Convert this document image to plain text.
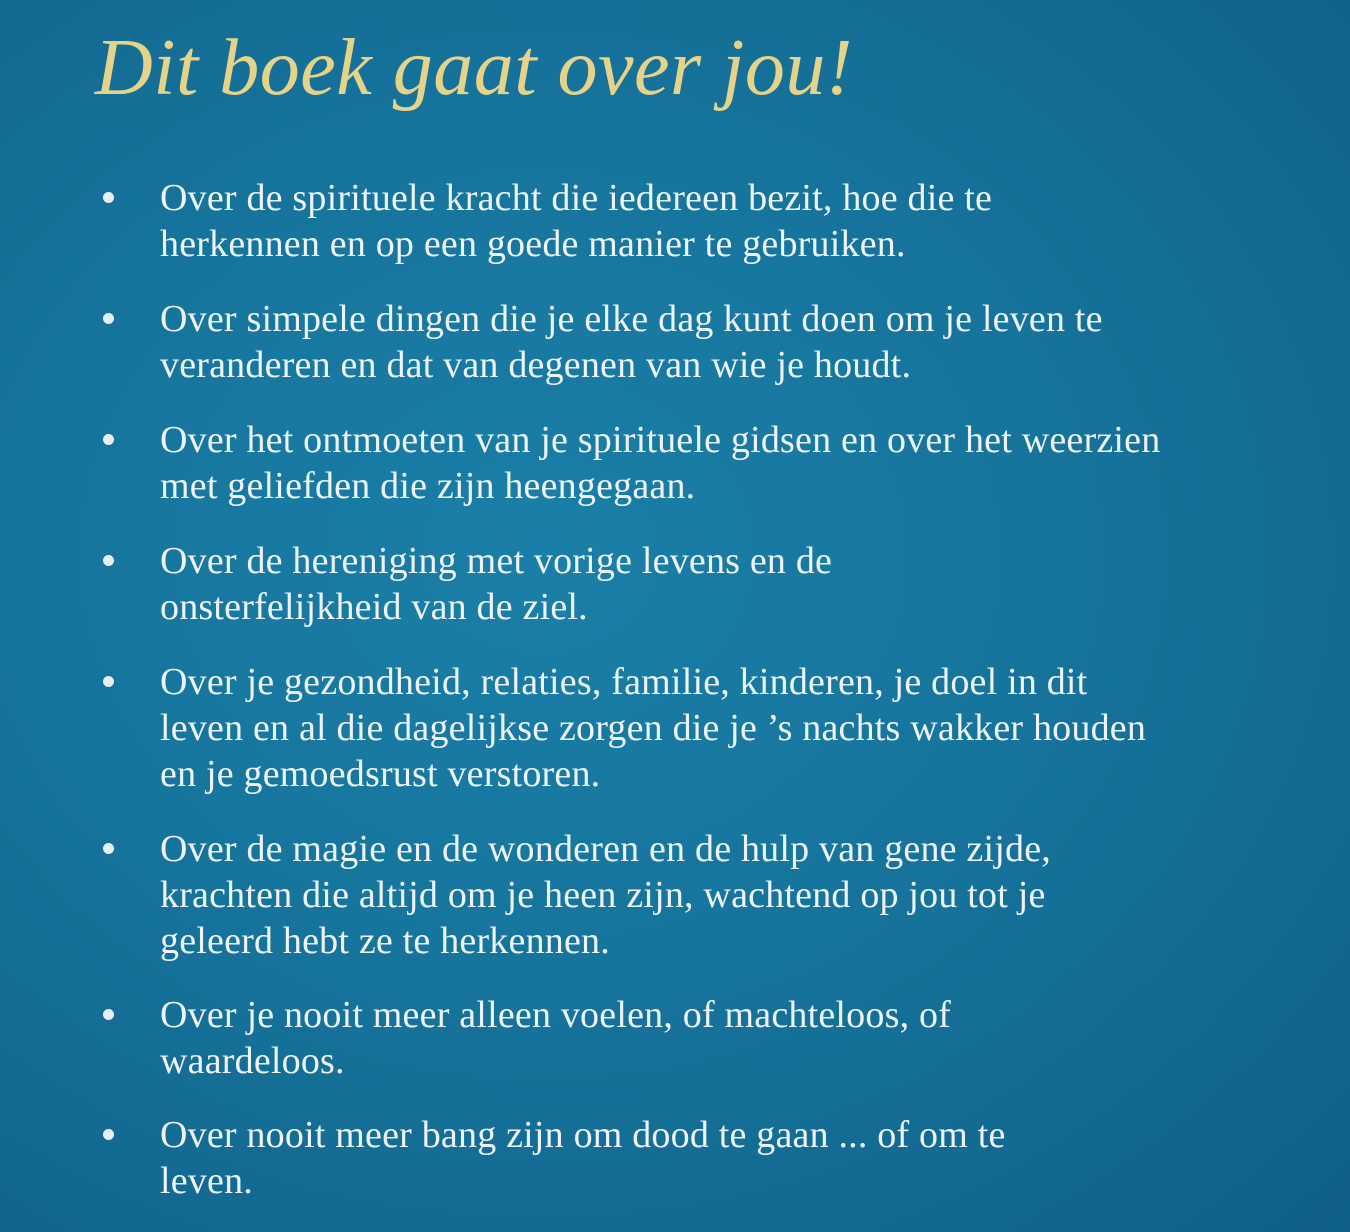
Dit boek gaat over jou!
Over de spirituele kracht die iedereen bezit, hoe die te
herkennen en op een goede manier te gebruiken.
Over simpele dingen die je elke dag kunt doen om je leven te
veranderen en dat van degenen van wie je houdt.
Over het ontmoeten van je spirituele gidsen en over het weerzien
met geliefden die zijn heengegaan.
Over de hereniging met vorige levens en de
onsterfelijkheid van de ziel.
Over je gezondheid, relaties, familie, kinderen, je doel in dit
leven en al die dagelijkse zorgen die je ’s nachts wakker houden
en je gemoedsrust verstoren.
Over de magie en de wonderen en de hulp van gene zijde,
krachten die altijd om je heen zijn, wachtend op jou tot je
geleerd hebt ze te herkennen.
Over je nooit meer alleen voelen, of machteloos, of
waardeloos.
Over nooit meer bang zijn om dood te gaan ... of om te
leven.
